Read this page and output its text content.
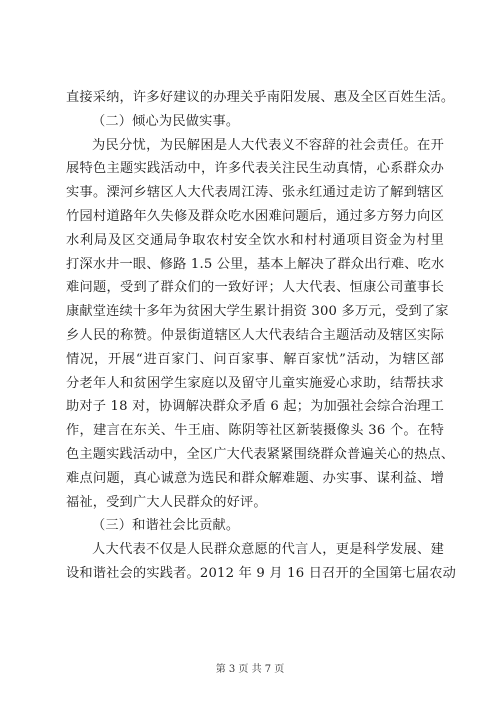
直接采纳，许多好建议的办理关乎南阳发展、惠及全区百姓生活。
（二）倾心为民做实事。
为民分忧，为民解困是人大代表义不容辞的社会责任。在开
展特色主题实践活动中，许多代表关注民生动真情，心系群众办
实事。溧河乡辖区人大代表周江涛、张永红通过走访了解到辖区
竹园村道路年久失修及群众吃水困难问题后，通过多方努力向区
水利局及区交通局争取农村安全饮水和村村通项目资金为村里
打深水井一眼、修路 1.5 公里，基本上解决了群众出行难、吃水
难问题，受到了群众们的一致好评；人大代表、恒康公司董事长
康献堂连续十多年为贫困大学生累计捐资 300 多万元，受到了家
乡人民的称赞。仲景街道辖区人大代表结合主题活动及辖区实际
情况，开展“进百家门、问百家事、解百家忧”活动，为辖区部
分老年人和贫困学生家庭以及留守儿童实施爱心求助，结帮扶求
助对子 18 对，协调解决群众矛盾 6 起；为加强社会综合治理工
作，建言在东关、牛王庙、陈阴等社区新装摄像头 36 个。在特
色主题实践活动中，全区广大代表紧紧围绕群众普遍关心的热点、
难点问题，真心诚意为选民和群众解难题、办实事、谋利益、增
福祉，受到广大人民群众的好评。
（三）和谐社会比贡献。
人大代表不仅是人民群众意愿的代言人，更是科学发展、建
设和谐社会的实践者。2012 年 9 月 16 日召开的全国第七届农动
第 3 页 共 7 页
